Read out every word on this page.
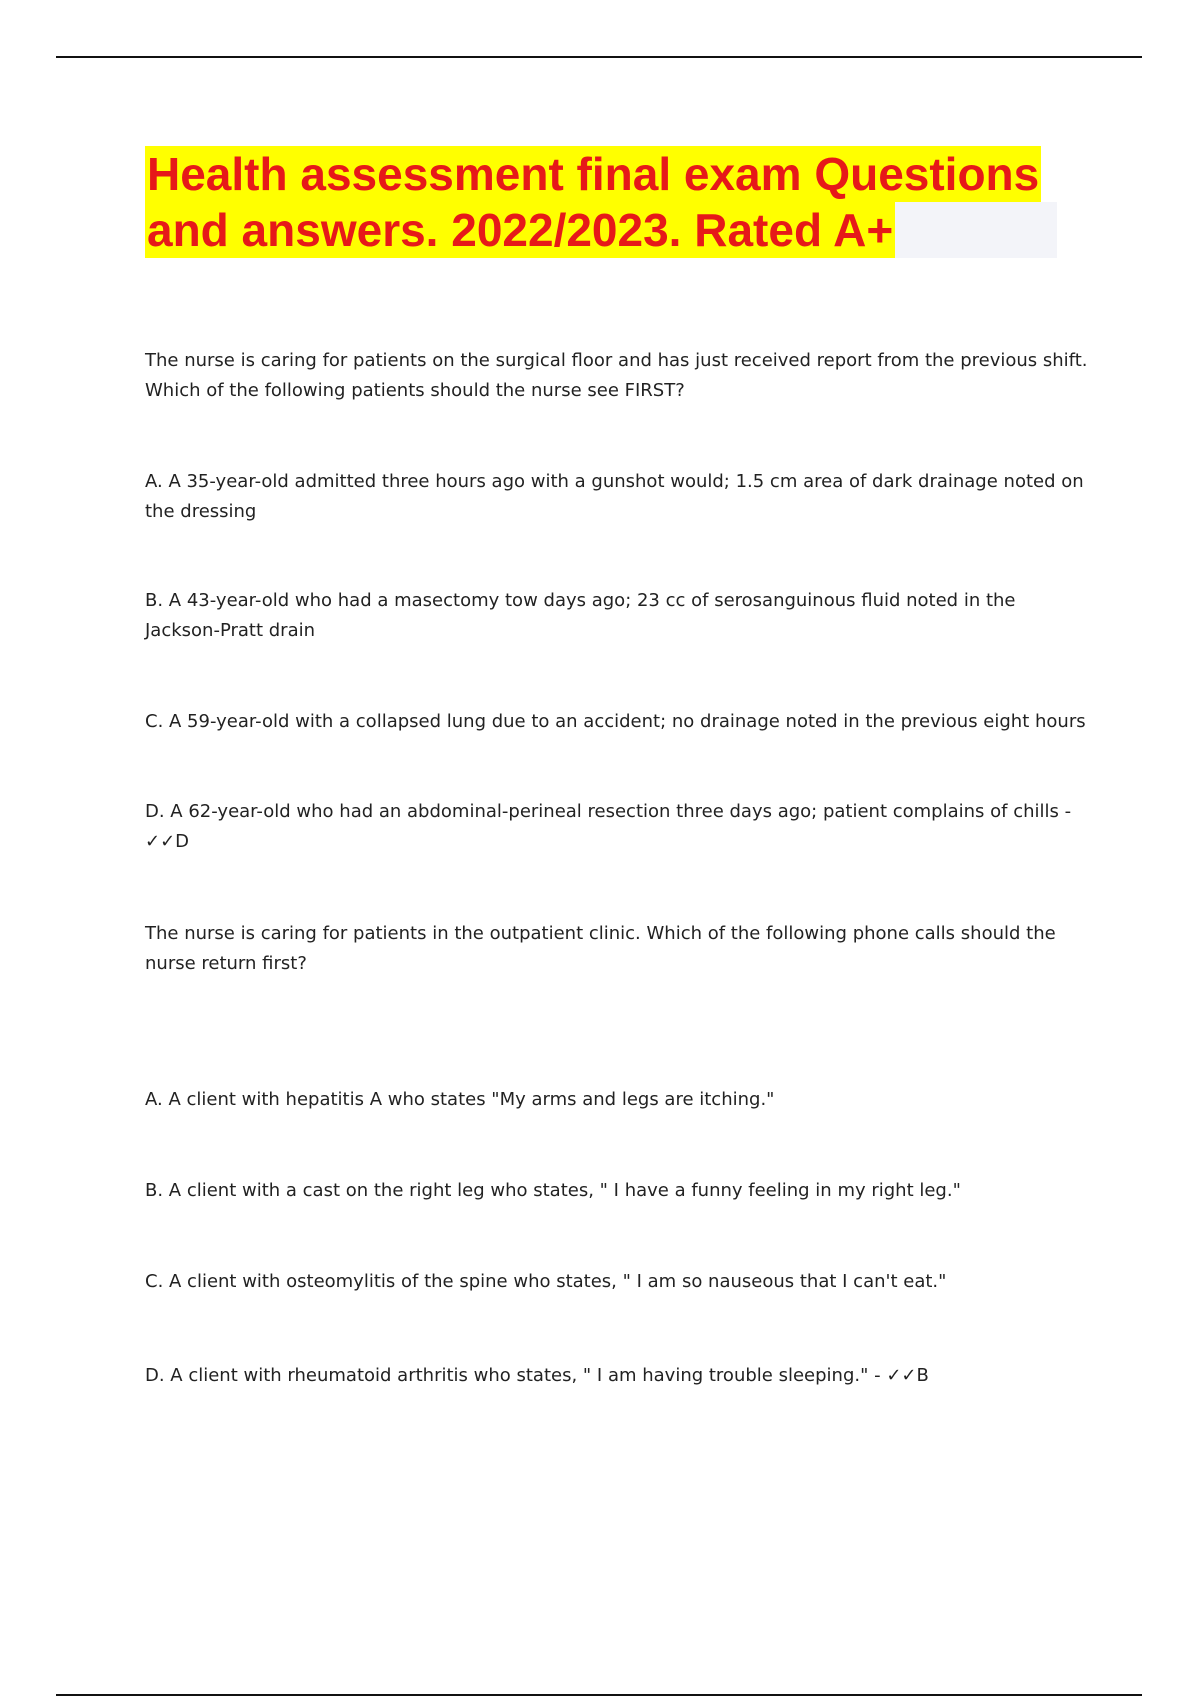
Health assessment final exam Questions
and answers. 2022/2023. Rated A+
The nurse is caring for patients on the surgical floor and has just received report from the previous shift. Which of the following patients should the nurse see FIRST?
A. A 35-year-old admitted three hours ago with a gunshot would; 1.5 cm area of dark drainage noted on the dressing
B. A 43-year-old who had a masectomy tow days ago; 23 cc of serosanguinous fluid noted in the Jackson-Pratt drain
C. A 59-year-old with a collapsed lung due to an accident; no drainage noted in the previous eight hours
D. A 62-year-old who had an abdominal-perineal resection three days ago; patient complains of chills -
✓✓D
The nurse is caring for patients in the outpatient clinic. Which of the following phone calls should the nurse return first?
A. A client with hepatitis A who states "My arms and legs are itching."
B. A client with a cast on the right leg who states, " I have a funny feeling in my right leg."
C. A client with osteomylitis of the spine who states, " I am so nauseous that I can't eat."
D. A client with rheumatoid arthritis who states, " I am having trouble sleeping." - ✓✓B
